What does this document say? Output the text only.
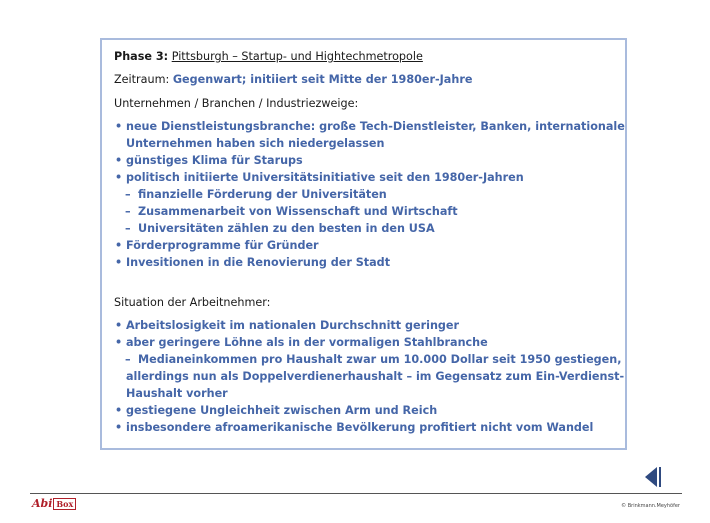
Phase 3: Pittsburgh – Startup- und Hightechmetropole
Zeitraum: Gegenwart; initiiert seit Mitte der 1980er-Jahre
Unternehmen / Branchen / Industriezweige:
• neue Dienstleistungsbranche: große Tech-Dienstleister, Banken, internationale
Unternehmen haben sich niedergelassen
• günstiges Klima für Starups
• politisch initiierte Universitätsinitiative seit den 1980er-Jahren
– finanzielle Förderung der Universitäten
– Zusammenarbeit von Wissenschaft und Wirtschaft
– Universitäten zählen zu den besten in den USA
• Förderprogramme für Gründer
• Invesitionen in die Renovierung der Stadt
Situation der Arbeitnehmer:
• Arbeitslosigkeit im nationalen Durchschnitt geringer
• aber geringere Löhne als in der vormaligen Stahlbranche
– Medianeinkommen pro Haushalt zwar um 10.000 Dollar seit 1950 gestiegen,
allerdings nun als Doppelverdienerhaushalt – im Gegensatz zum Ein-Verdienst-
Haushalt vorher
• gestiegene Ungleichheit zwischen Arm und Reich
• insbesondere afroamerikanische Bevölkerung profitiert nicht vom Wandel
Abi Box	© Brinkmann.Meyhöfer
